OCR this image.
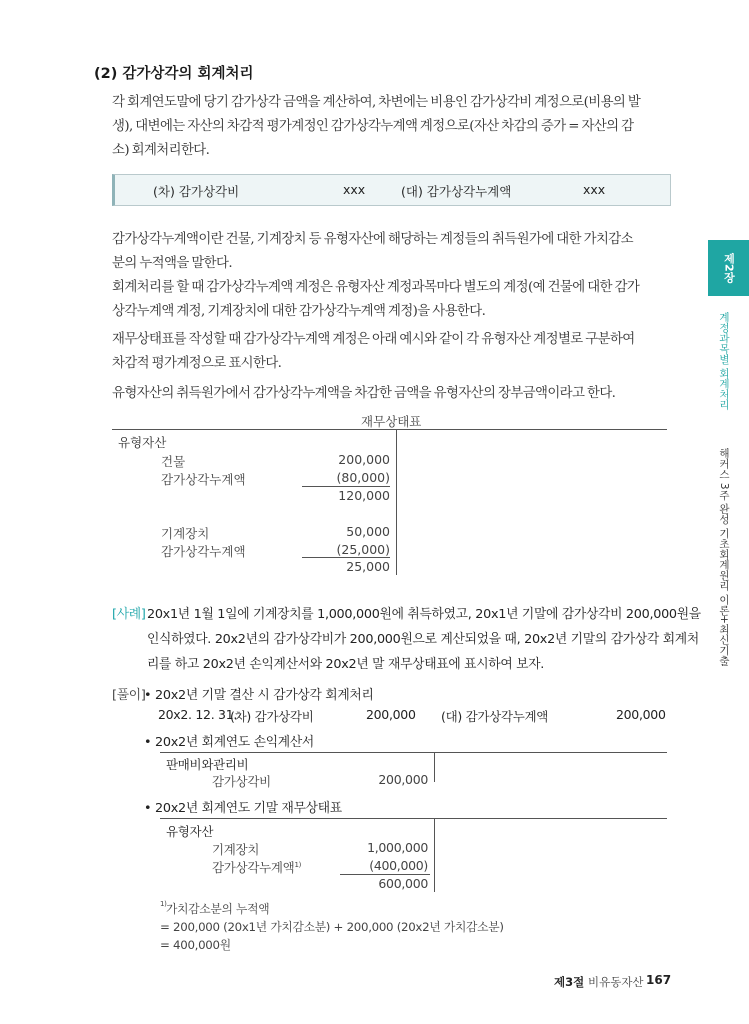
(2) 감가상각의 회계처리
각 회계연도말에 당기 감가상각 금액을 계산하여, 차변에는 비용인 감가상각비 계정으로(비용의 발
생), 대변에는 자산의 차감적 평가계정인 감가상각누계액 계정으로(자산 차감의 증가 = 자산의 감
소) 회계처리한다.
(차) 감가상각비	xxx	(대) 감가상각누계액	xxx
감가상각누계액이란 건물, 기계장치 등 유형자산에 해당하는 계정들의 취득원가에 대한 가치감소
분의 누적액을 말한다.
회계처리를 할 때 감가상각누계액 계정은 유형자산 계정과목마다 별도의 계정(예 건물에 대한 감가
상각누계액 계정, 기계장치에 대한 감가상각누계액 계정)을 사용한다.
재무상태표를 작성할 때 감가상각누계액 계정은 아래 예시와 같이 각 유형자산 계정별로 구분하여
차감적 평가계정으로 표시한다.
유형자산의 취득원가에서 감가상각누계액을 차감한 금액을 유형자산의 장부금액이라고 한다.
재무상태표
유형자산
건물	200,000
감가상각누계액	(80,000)
120,000
기계장치	50,000
감가상각누계액	(25,000)
25,000
[사례] 20x1년 1월 1일에 기계장치를 1,000,000원에 취득하였고, 20x1년 기말에 감가상각비 200,000원을
인식하였다. 20x2년의 감가상각비가 200,000원으로 계산되었을 때, 20x2년 기말의 감가상각 회계처
리를 하고 20x2년 손익계산서와 20x2년 말 재무상태표에 표시하여 보자.
[풀이]
• 20x2년 기말 결산 시 감가상각 회계처리
20x2. 12. 31.
(차) 감가상각비	200,000 (대) 감가상각누계액	200,000
• 20x2년 회계연도 손익계산서
판매비와관리비
감가상각비	200,000
• 20x2년 회계연도 기말 재무상태표
유형자산
기계장치	1,000,000
감가상각누계액$^{1)}$	(400,000)
600,000
1) 가치감소분의 누적액
= 200,000 (20x1년 가치감소분) + 200,000 (20x2년 가치감소분)
= 400,000원
제2장
계정과목별 회계처리
해커스 3주 완성 기초회계원리 이론+최신기출
제3절 비유동자산 167
